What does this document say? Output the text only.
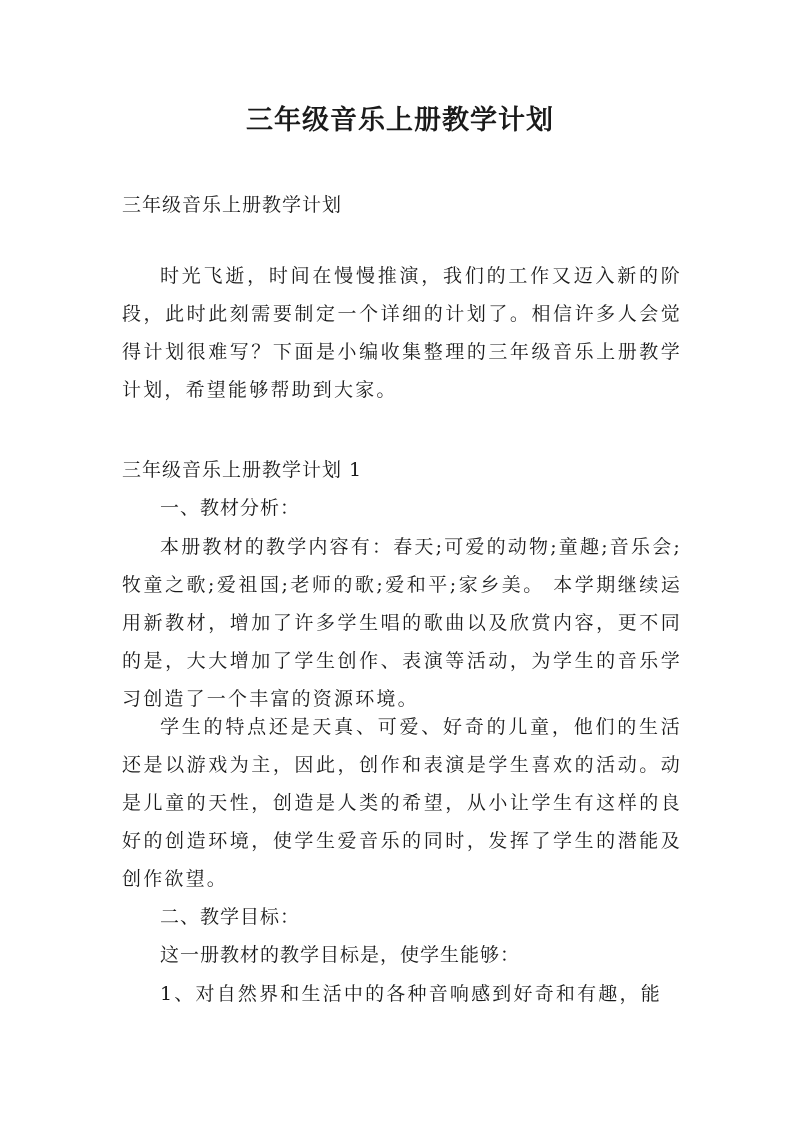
三年级音乐上册教学计划

三年级音乐上册教学计划

时光飞逝，时间在慢慢推演，我们的工作又迈入新的阶段，此时此刻需要制定一个详细的计划了。相信许多人会觉得计划很难写？下面是小编收集整理的三年级音乐上册教学计划，希望能够帮助到大家。

三年级音乐上册教学计划 1

一、教材分析：

本册教材的教学内容有：春天;可爱的动物;童趣;音乐会;牧童之歌;爱祖国;老师的歌;爱和平;家乡美。 本学期继续运用新教材，增加了许多学生唱的歌曲以及欣赏内容，更不同的是，大大增加了学生创作、表演等活动，为学生的音乐学习创造了一个丰富的资源环境。

学生的特点还是天真、可爱、好奇的儿童，他们的生活还是以游戏为主，因此，创作和表演是学生喜欢的活动。动是儿童的天性，创造是人类的希望，从小让学生有这样的良好的创造环境，使学生爱音乐的同时，发挥了学生的潜能及创作欲望。

二、教学目标：

这一册教材的教学目标是，使学生能够：

1、对自然界和生活中的各种音响感到好奇和有趣，能
